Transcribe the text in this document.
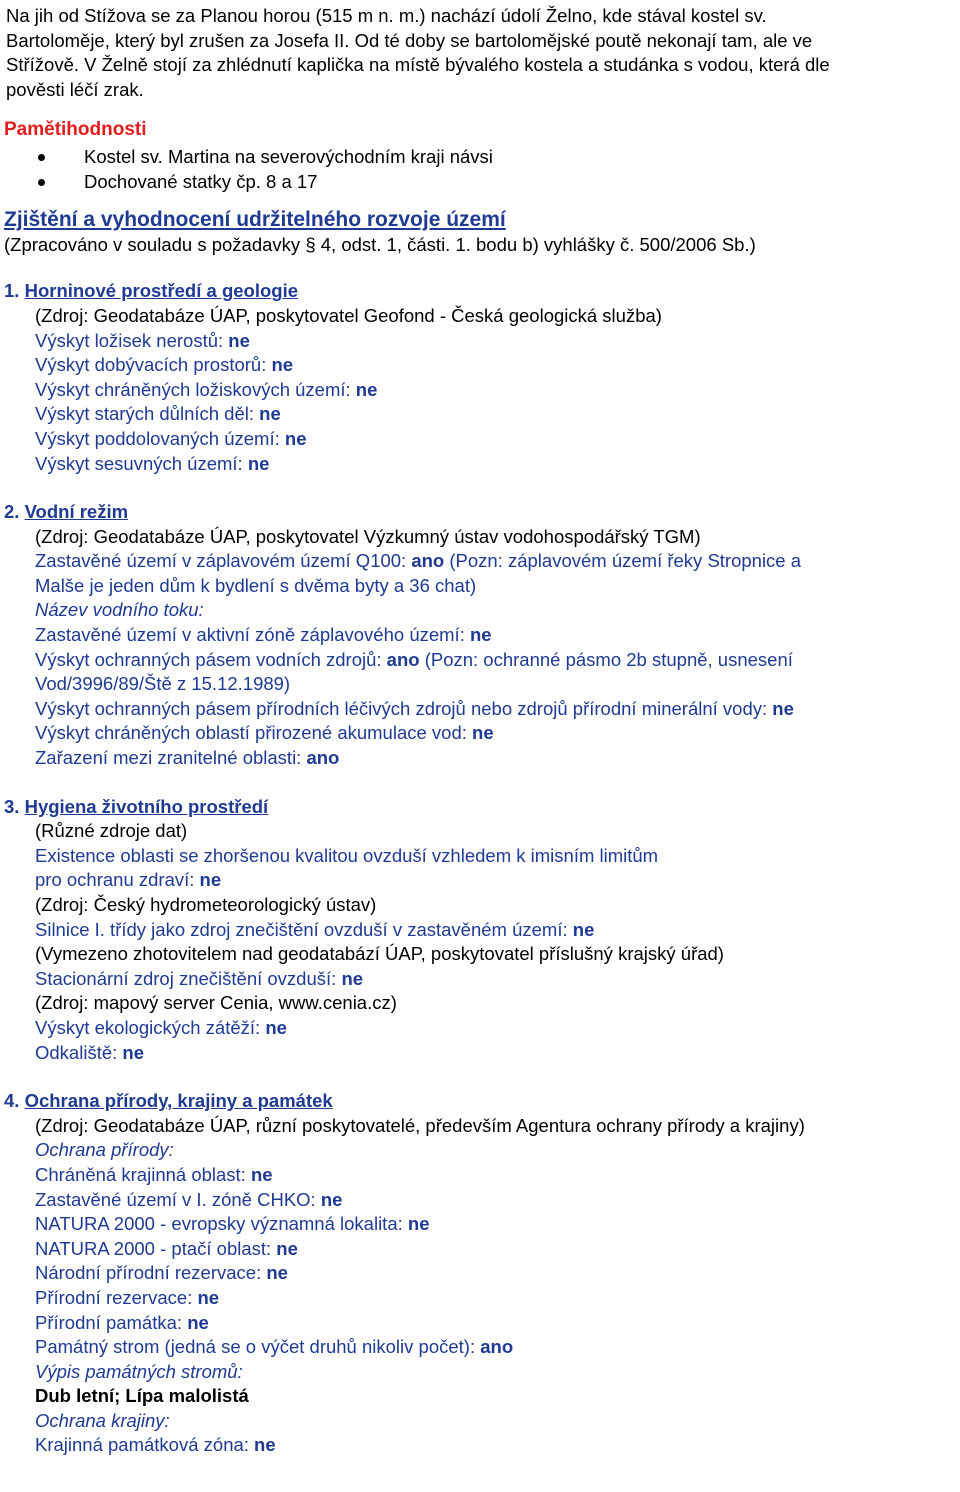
Na jih od Stížova se za Planou horou (515 m n. m.) nachází údolí Želno, kde stával kostel sv.
Bartoloměje, který byl zrušen za Josefa II. Od té doby se bartolomějské poutě nekonají tam, ale ve
Střížově. V Želně stojí za zhlédnutí kaplička na místě bývalého kostela a studánka s vodou, která dle
pověsti léčí zrak.
Pamětihodnosti
Kostel sv. Martina na severovýchodním kraji návsi
Dochované statky čp. 8 a 17
Zjištění a vyhodnocení udržitelného rozvoje území
(Zpracováno v souladu s požadavky § 4, odst. 1, části. 1. bodu b) vyhlášky č. 500/2006 Sb.)
1. Horninové prostředí a geologie
(Zdroj: Geodatabáze ÚAP, poskytovatel Geofond - Česká geologická služba)
Výskyt ložisek nerostů: ne
Výskyt dobývacích prostorů: ne
Výskyt chráněných ložiskových území: ne
Výskyt starých důlních děl: ne
Výskyt poddolovaných území: ne
Výskyt sesuvných území: ne
2. Vodní režim
(Zdroj: Geodatabáze ÚAP, poskytovatel Výzkumný ústav vodohospodářský TGM)
Zastavěné území v záplavovém území Q100: ano (Pozn: záplavovém území řeky Stropnice a
Malše je jeden dům k bydlení s dvěma byty a 36 chat)
Název vodního toku:
Zastavěné území v aktivní zóně záplavového území: ne
Výskyt ochranných pásem vodních zdrojů: ano (Pozn: ochranné pásmo 2b stupně, usnesení
Vod/3996/89/Ště z 15.12.1989)
Výskyt ochranných pásem přírodních léčivých zdrojů nebo zdrojů přírodní minerální vody: ne
Výskyt chráněných oblastí přirozené akumulace vod: ne
Zařazení mezi zranitelné oblasti: ano
3. Hygiena životního prostředí
(Různé zdroje dat)
Existence oblasti se zhoršenou kvalitou ovzduší vzhledem k imisním limitům
pro ochranu zdraví: ne
(Zdroj: Český hydrometeorologický ústav)
Silnice I. třídy jako zdroj znečištění ovzduší v zastavěném území: ne
(Vymezeno zhotovitelem nad geodatabází ÚAP, poskytovatel příslušný krajský úřad)
Stacionární zdroj znečištění ovzduší: ne
(Zdroj: mapový server Cenia, www.cenia.cz)
Výskyt ekologických zátěží: ne
Odkaliště: ne
4. Ochrana přírody, krajiny a památek
(Zdroj: Geodatabáze ÚAP, různí poskytovatelé, především Agentura ochrany přírody a krajiny)
Ochrana přírody:
Chráněná krajinná oblast: ne
Zastavěné území v I. zóně CHKO: ne
NATURA 2000 - evropsky významná lokalita: ne
NATURA 2000 - ptačí oblast: ne
Národní přírodní rezervace: ne
Přírodní rezervace: ne
Přírodní památka: ne
Památný strom (jedná se o výčet druhů nikoliv počet): ano
Výpis památných stromů:
Dub letní; Lípa malolistá
Ochrana krajiny:
Krajinná památková zóna: ne
